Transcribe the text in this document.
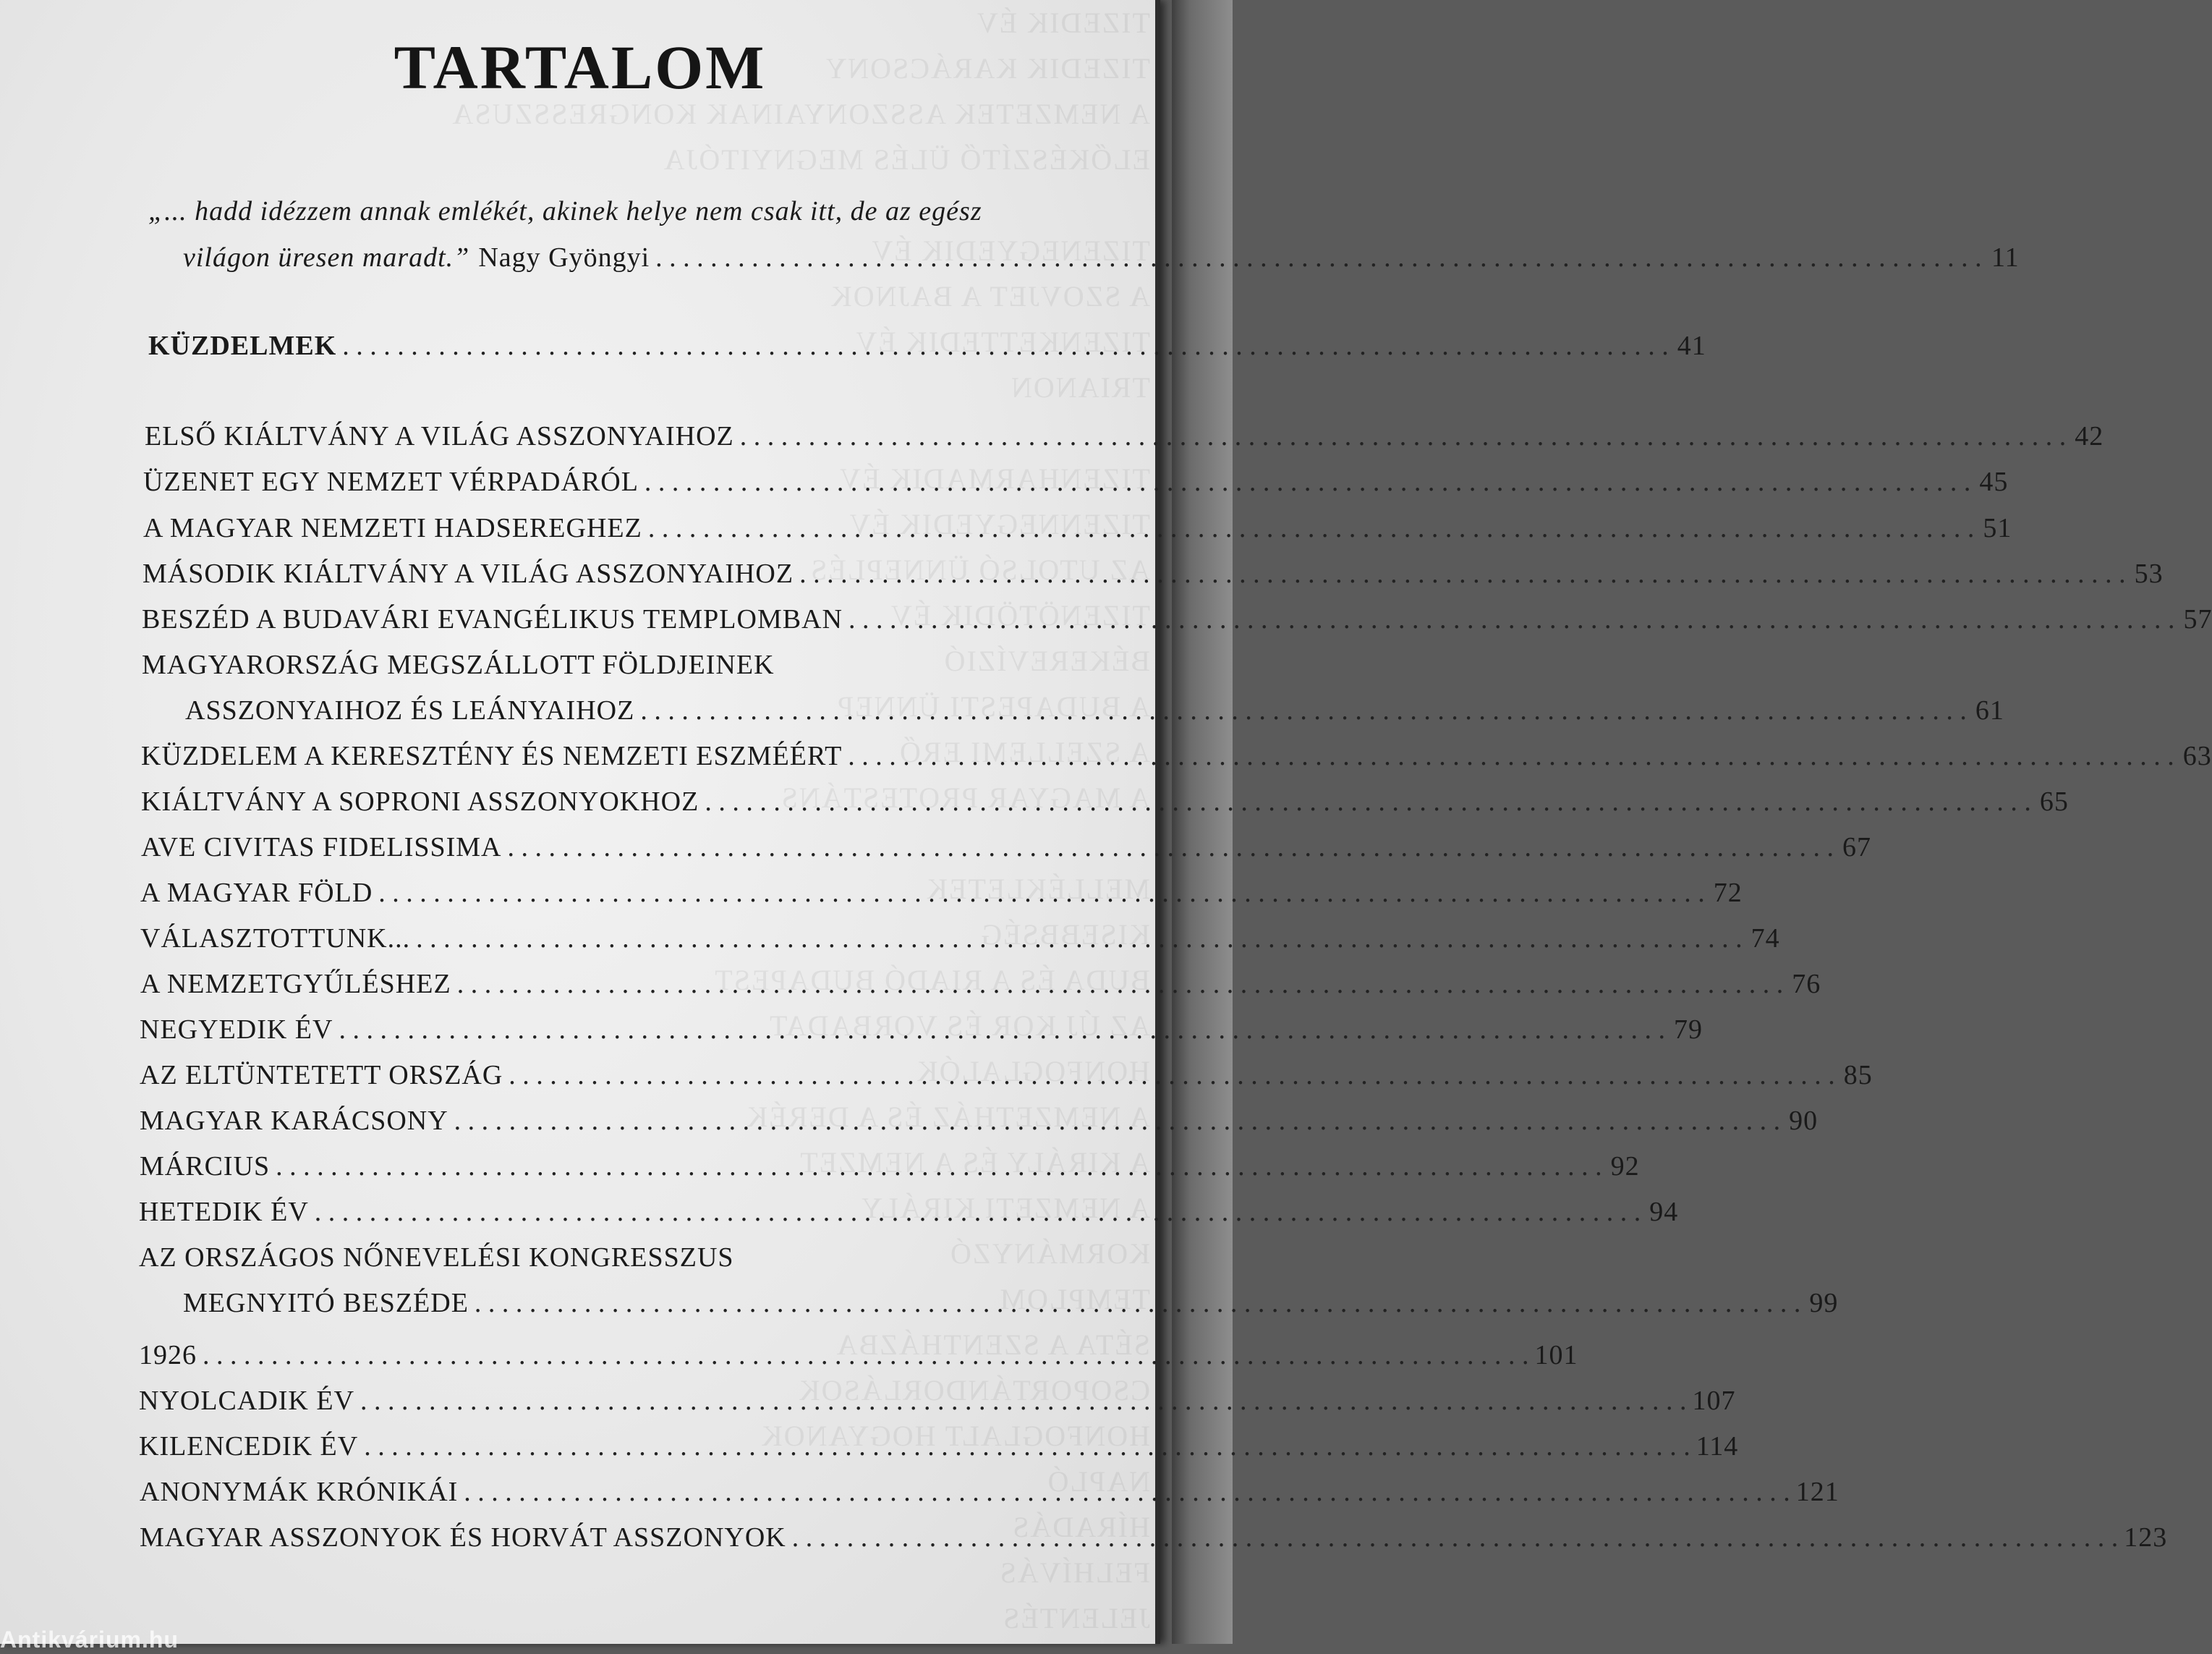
TIZEDIK ÉV
TIZEDIK KARÁCSONY
A NEMZETEK ASSZONYAINAK KONGRESSZUSA
ELŐKÉSZÍTŐ ÜLÉS MEGNYITÓJA

TIZENEGYEDIK ÉV
A SZOVJET A BAJNOK
TIZENKETTEDIK ÉV
TRIANON

TIZENHARMADIK ÉV
TIZENNEGYEDIK ÉV
AZ UTOLSÓ ÜNNEPLÉS
TIZENÖTÖDIK ÉV
BÉKEREVÍZIÓ
A BUDAPESTI ÜNNEP
A SZELLEMI ERŐ
A MAGYAR PROTESTÁNS

MELLÉKLETEK
KISEBBSÉG
BUDA ÉS A RIADÓ BUDAPEST
AZ ÚJ KOR ÉS VORBADAT
HONFOGLALÓK
A NEMZETHÁZ ÉS A DERÉK
A KIRÁLY ÉS A NEMZET
A NEMZETI KIRÁLY
KORMÁNYZÓ
TEMPLOM
SÉTA A SZENTHÁZBA
CSOPORTÁNDORLÁSOK
HONFOGLALT HOGYANOK
NAPLÓ
HÍRADÁS
FELHÍVÁS
JELENTÉS
TARTALOM
„... hadd idézzem annak emlékét, akinek helye nem csak itt, de az egész
világon üresen maradt.” Nagy Gyöngyi . . .	11
KÜZDELMEK . . .	41
ELSŐ KIÁLTVÁNY A VILÁG ASSZONYAIHOZ . . .	42
ÜZENET EGY NEMZET VÉRPADÁRÓL . . .	45
A MAGYAR NEMZETI HADSEREGHEZ . . .	51
MÁSODIK KIÁLTVÁNY A VILÁG ASSZONYAIHOZ . . .	53
BESZÉD A BUDAVÁRI EVANGÉLIKUS TEMPLOMBAN . . .	57
MAGYARORSZÁG MEGSZÁLLOTT FÖLDJEINEK
ASSZONYAIHOZ ÉS LEÁNYAIHOZ . . .	61
KÜZDELEM A KERESZTÉNY ÉS NEMZETI ESZMÉÉRT . . .	63
KIÁLTVÁNY A SOPRONI ASSZONYOKHOZ . . .	65
AVE CIVITAS FIDELISSIMA . . .	67
A MAGYAR FÖLD . . .	72
VÁLASZTOTTUNK... . . .	74
A NEMZETGYŰLÉSHEZ . . .	76
NEGYEDIK ÉV . . .	79
AZ ELTÜNTETETT ORSZÁG . . .	85
MAGYAR KARÁCSONY . . .	90
MÁRCIUS . . .	92
HETEDIK ÉV . . .	94
AZ ORSZÁGOS NŐNEVELÉSI KONGRESSZUS
MEGNYITÓ BESZÉDE . . .	99
1926 . . .	101
NYOLCADIK ÉV . . .	107
KILENCEDIK ÉV . . .	114
ANONYMÁK KRÓNIKÁI . . .	121
MAGYAR ASSZONYOK ÉS HORVÁT ASSZONYOK . . .	123
Antikvárium.hu
